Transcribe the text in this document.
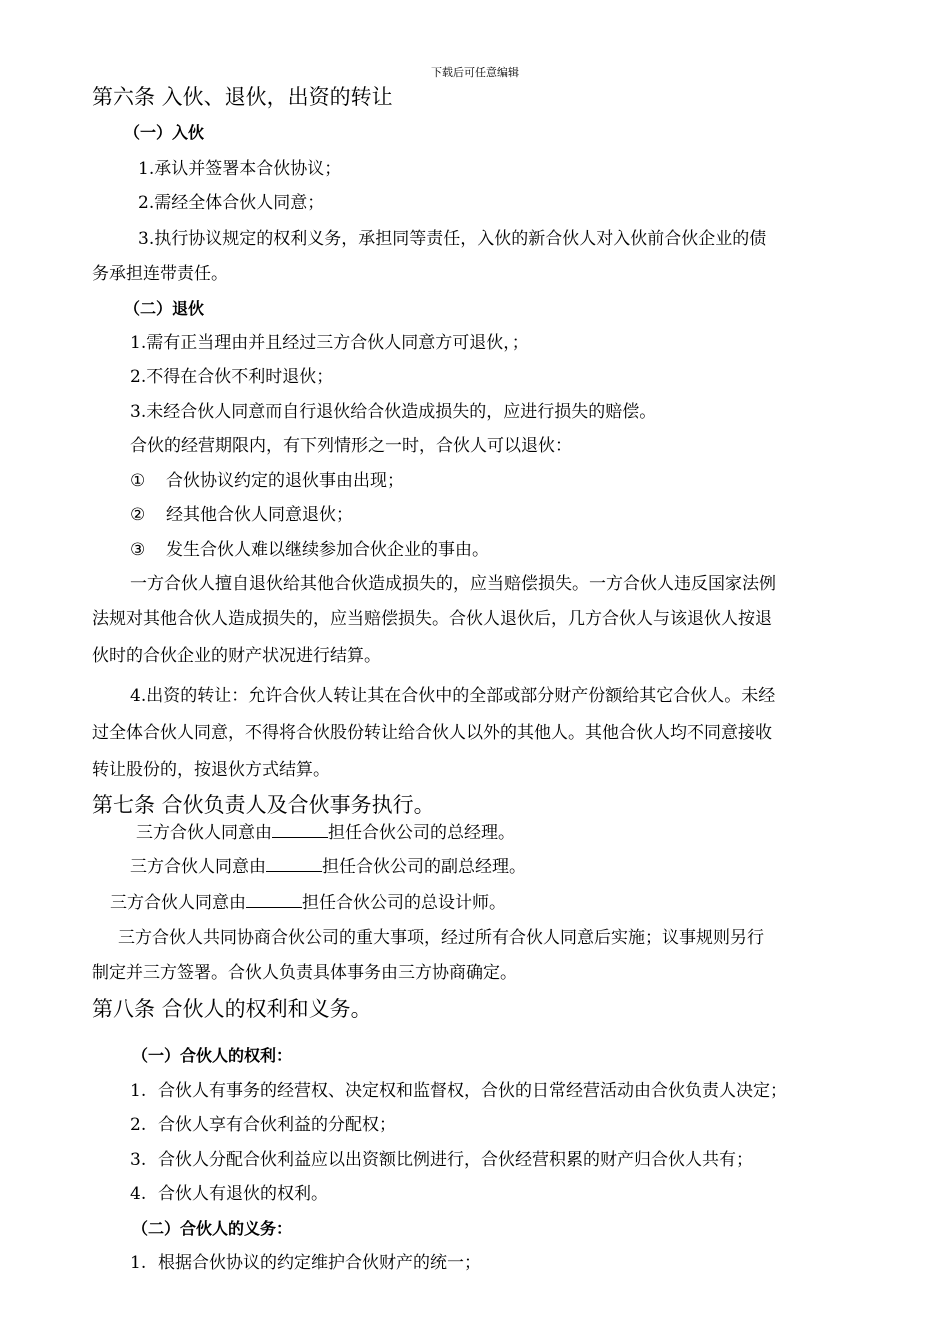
下载后可任意编辑
第六条 入伙、退伙，出资的转让
（一）入伙
1.承认并签署本合伙协议；
2.需经全体合伙人同意；
3.执行协议规定的权利义务，承担同等责任，入伙的新合伙人对入伙前合伙企业的债
务承担连带责任。
（二）退伙
1.需有正当理由并且经过三方合伙人同意方可退伙，；
2.不得在合伙不利时退伙；
3.未经合伙人同意而自行退伙给合伙造成损失的，应进行损失的赔偿。
合伙的经营期限内，有下列情形之一时，合伙人可以退伙：
① 合伙协议约定的退伙事由出现；
② 经其他合伙人同意退伙；
③ 发生合伙人难以继续参加合伙企业的事由。
一方合伙人擅自退伙给其他合伙造成损失的，应当赔偿损失。一方合伙人违反国家法例
法规对其他合伙人造成损失的，应当赔偿损失。合伙人退伙后，几方合伙人与该退伙人按退
伙时的合伙企业的财产状况进行结算。
4.出资的转让：允许合伙人转让其在合伙中的全部或部分财产份额给其它合伙人。未经
过全体合伙人同意，不得将合伙股份转让给合伙人以外的其他人。其他合伙人均不同意接收
转让股份的，按退伙方式结算。
第七条 合伙负责人及合伙事务执行。
三方合伙人同意由	担任合伙公司的总经理。
三方合伙人同意由	担任合伙公司的副总经理。
三方合伙人同意由	担任合伙公司的总设计师。
三方合伙人共同协商合伙公司的重大事项，经过所有合伙人同意后实施；议事规则另行
制定并三方签署。合伙人负责具体事务由三方协商确定。
第八条 合伙人的权利和义务。
（一）合伙人的权利：
1. 合伙人有事务的经营权、决定权和监督权，合伙的日常经营活动由合伙负责人决定；
2. 合伙人享有合伙利益的分配权；
3. 合伙人分配合伙利益应以出资额比例进行，合伙经营积累的财产归合伙人共有；
4. 合伙人有退伙的权利。
（二）合伙人的义务：
1. 根据合伙协议的约定维护合伙财产的统一；
